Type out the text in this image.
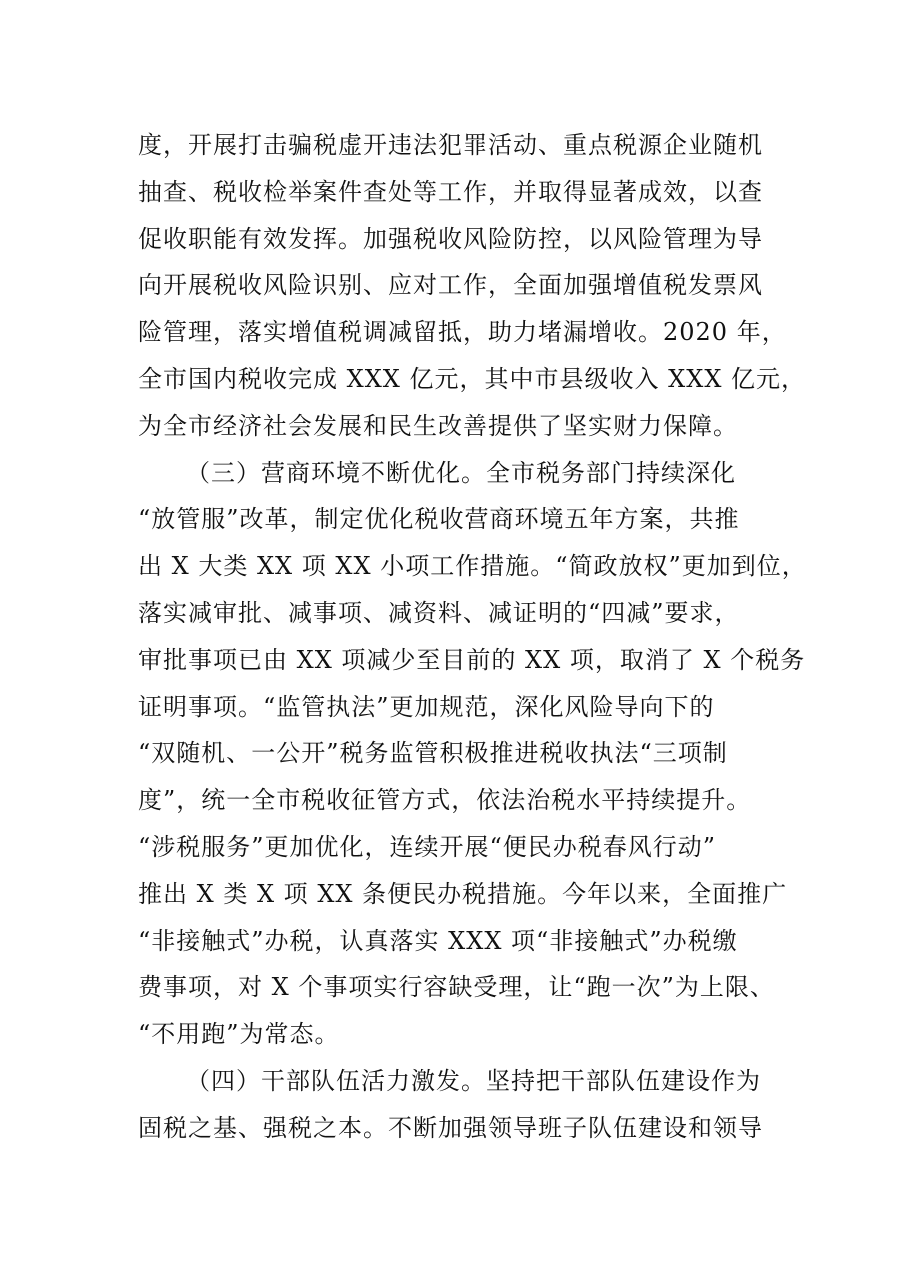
度，开展打击骗税虚开违法犯罪活动、重点税源企业随机
抽查、税收检举案件查处等工作，并取得显著成效，以查
促收职能有效发挥。加强税收风险防控，以风险管理为导
向开展税收风险识别、应对工作，全面加强增值税发票风
险管理，落实增值税调减留抵，助力堵漏增收。2020 年，
全市国内税收完成 XXX 亿元，其中市县级收入 XXX 亿元，
为全市经济社会发展和民生改善提供了坚实财力保障。
（三）营商环境不断优化。全市税务部门持续深化
“放管服”改革，制定优化税收营商环境五年方案，共推
出 X 大类 XX 项 XX 小项工作措施。“简政放权”更加到位，
落实减审批、减事项、减资料、减证明的“四减”要求，
审批事项已由 XX 项减少至目前的 XX 项，取消了 X 个税务
证明事项。“监管执法”更加规范，深化风险导向下的
“双随机、一公开”税务监管积极推进税收执法“三项制
度”，统一全市税收征管方式，依法治税水平持续提升。
“涉税服务”更加优化，连续开展“便民办税春风行动”
推出 X 类 X 项 XX 条便民办税措施。今年以来，全面推广
“非接触式”办税，认真落实 XXX 项“非接触式”办税缴
费事项，对 X 个事项实行容缺受理，让“跑一次”为上限、
“不用跑”为常态。
（四）干部队伍活力激发。坚持把干部队伍建设作为
固税之基、强税之本。不断加强领导班子队伍建设和领导
